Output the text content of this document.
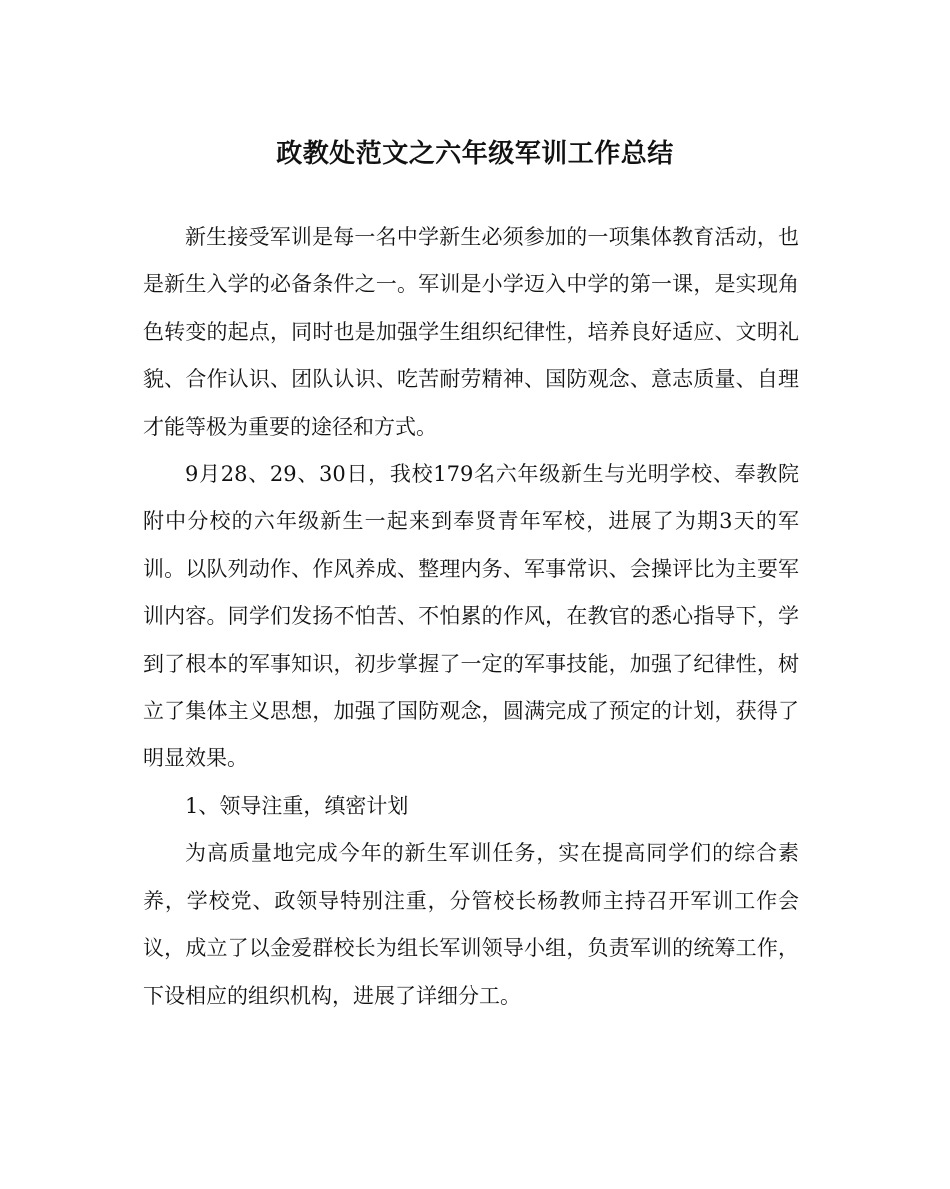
政教处范文之六年级军训工作总结

新生接受军训是每一名中学新生必须参加的一项集体教育活动，也是新生入学的必备条件之一。军训是小学迈入中学的第一课，是实现角色转变的起点，同时也是加强学生组织纪律性，培养良好适应、文明礼貌、合作认识、团队认识、吃苦耐劳精神、国防观念、意志质量、自理才能等极为重要的途径和方式。

9月28、29、30日，我校179名六年级新生与光明学校、奉教院附中分校的六年级新生一起来到奉贤青年军校，进展了为期3天的军训。以队列动作、作风养成、整理内务、军事常识、会操评比为主要军训内容。同学们发扬不怕苦、不怕累的作风，在教官的悉心指导下，学到了根本的军事知识，初步掌握了一定的军事技能，加强了纪律性，树立了集体主义思想，加强了国防观念，圆满完成了预定的计划，获得了明显效果。

1、领导注重，缜密计划

为高质量地完成今年的新生军训任务，实在提高同学们的综合素养，学校党、政领导特别注重，分管校长杨教师主持召开军训工作会议，成立了以金爱群校长为组长军训领导小组，负责军训的统筹工作，下设相应的组织机构，进展了详细分工。
